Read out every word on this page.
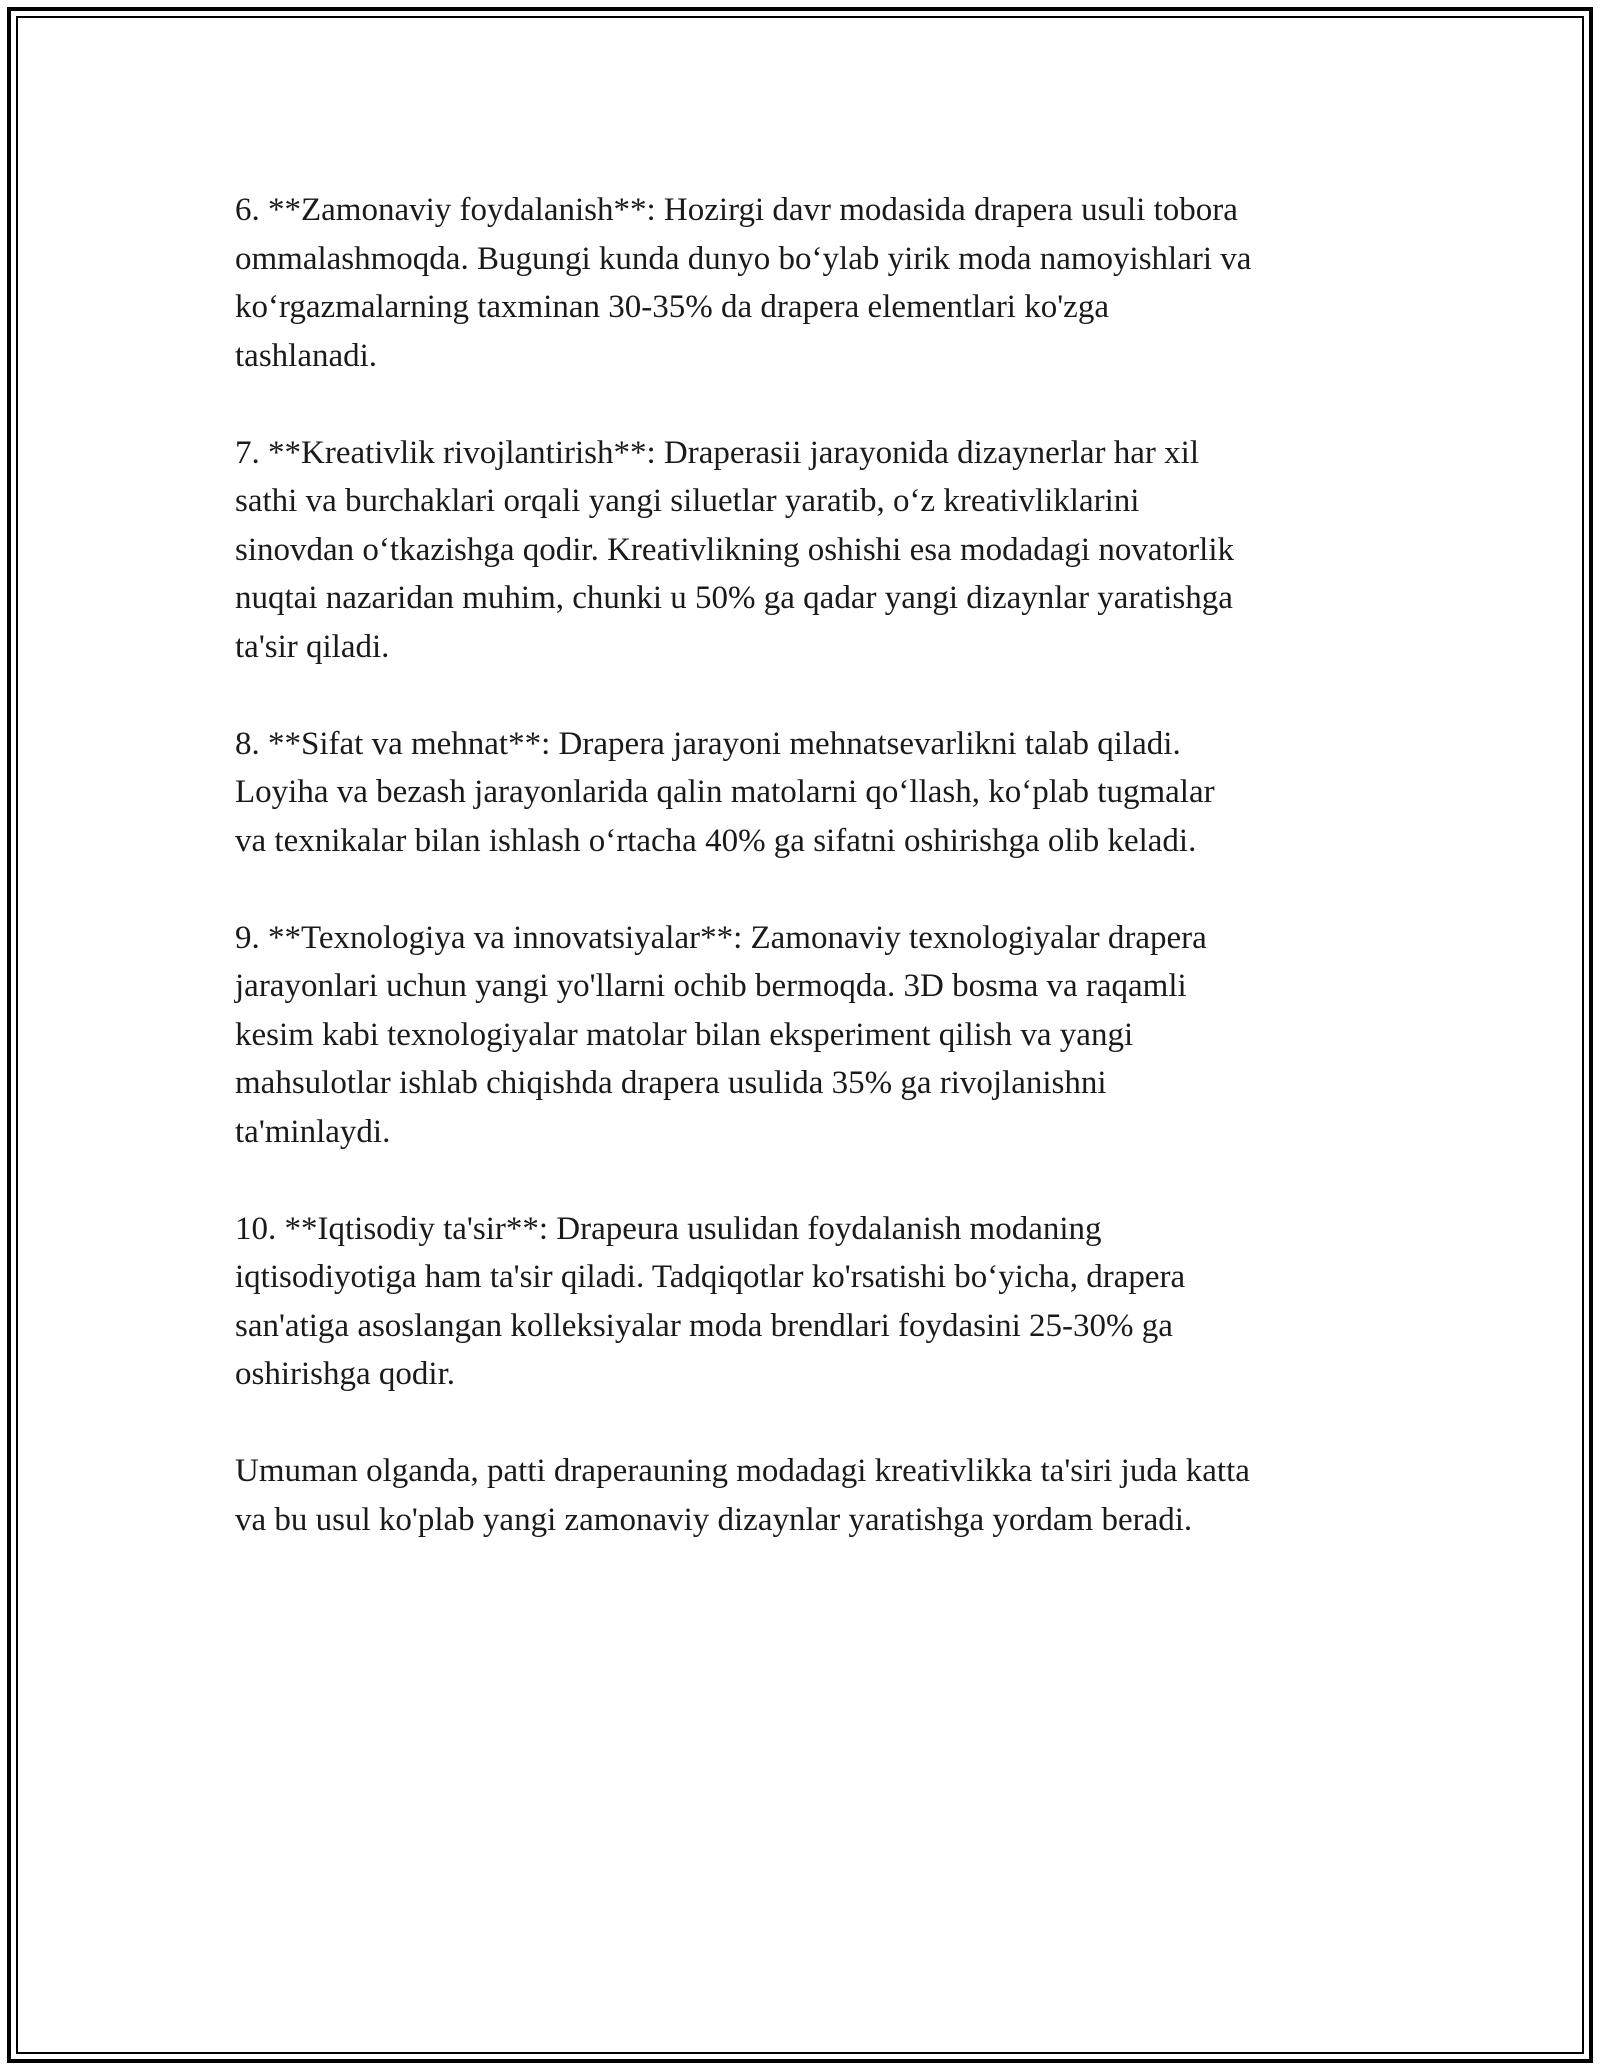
6. **Zamonaviy foydalanish**: Hozirgi davr modasida drapera usuli tobora
ommalashmoqda. Bugungi kunda dunyo bo‘ylab yirik moda namoyishlari va
ko‘rgazmalarning taxminan 30-35% da drapera elementlari ko'zga
tashlanadi.

7. **Kreativlik rivojlantirish**: Draperasii jarayonida dizaynerlar har xil
sathi va burchaklari orqali yangi siluetlar yaratib, o‘z kreativliklarini
sinovdan o‘tkazishga qodir. Kreativlikning oshishi esa modadagi novatorlik
nuqtai nazaridan muhim, chunki u 50% ga qadar yangi dizaynlar yaratishga
ta'sir qiladi.

8. **Sifat va mehnat**: Drapera jarayoni mehnatsevarlikni talab qiladi.
Loyiha va bezash jarayonlarida qalin matolarni qo‘llash, ko‘plab tugmalar
va texnikalar bilan ishlash o‘rtacha 40% ga sifatni oshirishga olib keladi.

9. **Texnologiya va innovatsiyalar**: Zamonaviy texnologiyalar drapera
jarayonlari uchun yangi yo'llarni ochib bermoqda. 3D bosma va raqamli
kesim kabi texnologiyalar matolar bilan eksperiment qilish va yangi
mahsulotlar ishlab chiqishda drapera usulida 35% ga rivojlanishni
ta'minlaydi.

10. **Iqtisodiy ta'sir**: Drapeura usulidan foydalanish modaning
iqtisodiyotiga ham ta'sir qiladi. Tadqiqotlar ko'rsatishi bo‘yicha, drapera
san'atiga asoslangan kolleksiyalar moda brendlari foydasini 25-30% ga
oshirishga qodir.

Umuman olganda, patti draperauning modadagi kreativlikka ta'siri juda katta
va bu usul ko'plab yangi zamonaviy dizaynlar yaratishga yordam beradi.
